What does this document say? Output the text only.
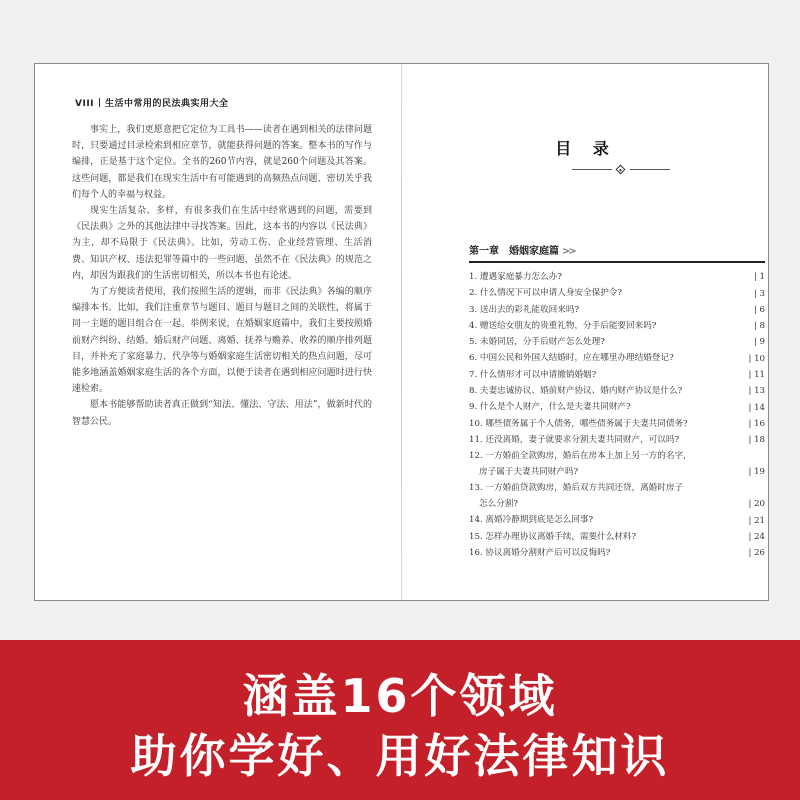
VIII 生活中常用的民法典实用大全

事实上，我们更愿意把它定位为工具书——读者在遇到相关的法律问题时，只要通过目录检索到相应章节，就能获得问题的答案。整本书的写作与编排，正是基于这个定位。全书的260节内容，就是260个问题及其答案。这些问题，都是我们在现实生活中有可能遇到的高频热点问题、密切关乎我们每个人的幸福与权益。

现实生活复杂、多样，有很多我们在生活中经常遇到的问题，需要到《民法典》之外的其他法律中寻找答案。因此，这本书的内容以《民法典》为主，却不局限于《民法典》。比如，劳动工伤、企业经营管理、生活消费、知识产权、违法犯罪等篇中的一些问题，虽然不在《民法典》的规范之内，却因为跟我们的生活密切相关，所以本书也有论述。

为了方便读者使用，我们按照生活的逻辑，而非《民法典》各编的顺序编排本书。比如，我们注重章节与题目、题目与题目之间的关联性，将属于同一主题的题目组合在一起。举例来说，在婚姻家庭篇中，我们主要按照婚前财产纠纷、结婚、婚后财产问题、离婚、抚养与赡养、收养的顺序排列题目，并补充了家庭暴力、代孕等与婚姻家庭生活密切相关的热点问题，尽可能多地涵盖婚姻家庭生活的各个方面，以便于读者在遇到相应问题时进行快速检索。

愿本书能够帮助读者真正做到“知法、懂法、守法、用法”，做新时代的智慧公民。

目 录
第一章　婚姻家庭篇 >>
1. 遭遇家庭暴力怎么办?	| 1
2. 什么情况下可以申请人身安全保护令?	| 3
3. 送出去的彩礼能收回来吗?	| 6
4. 赠送给女朋友的贵重礼物，分手后能要回来吗?	| 8
5. 未婚同居，分手后财产怎么处理?	| 9
6. 中国公民和外国人结婚时，应在哪里办理结婚登记?	| 10
7. 什么情形才可以申请撤销婚姻?	| 11
8. 夫妻忠诚协议、婚前财产协议、婚内财产协议是什么?	| 13
9. 什么是个人财产，什么是夫妻共同财产?	| 14
10. 哪些债务属于个人债务，哪些债务属于夫妻共同债务?	| 16
11. 还没离婚，妻子就要求分割夫妻共同财产，可以吗?	| 18
12. 一方婚前全款购房，婚后在房本上加上另一方的名字，
房子属于夫妻共同财产吗?	| 19
13. 一方婚前贷款购房，婚后双方共同还贷，离婚时房子
怎么分割?	| 20
14. 离婚冷静期到底是怎么回事?	| 21
15. 怎样办理协议离婚手续，需要什么材料?	| 24
16. 协议离婚分割财产后可以反悔吗?	| 26
涵盖16个领域
助你学好、用好法律知识
